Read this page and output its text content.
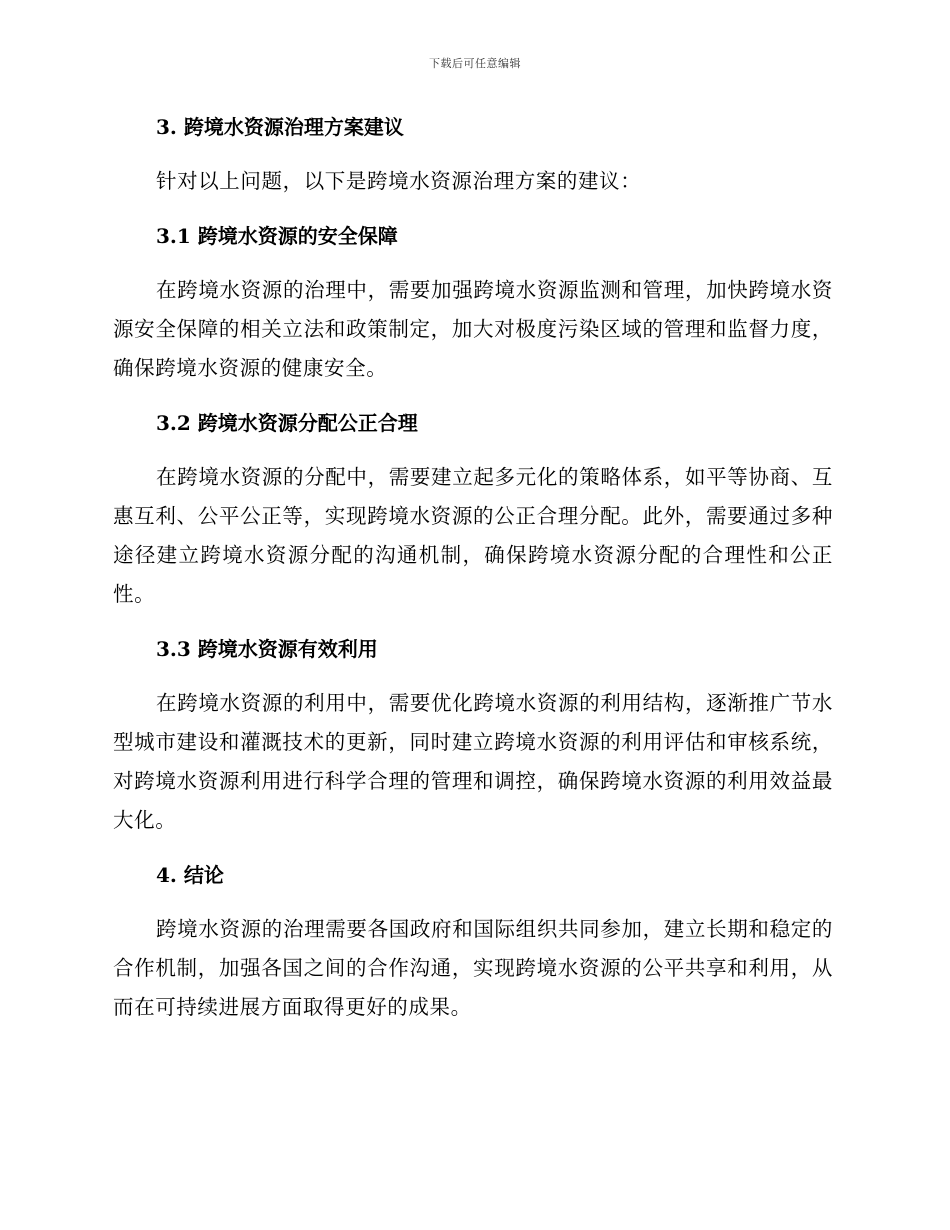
下载后可任意编辑
3. 跨境水资源治理方案建议

针对以上问题，以下是跨境水资源治理方案的建议：

3.1 跨境水资源的安全保障

在跨境水资源的治理中，需要加强跨境水资源监测和管理，加快跨境水资源安全保障的相关立法和政策制定，加大对极度污染区域的管理和监督力度，确保跨境水资源的健康安全。

3.2 跨境水资源分配公正合理

在跨境水资源的分配中，需要建立起多元化的策略体系，如平等协商、互惠互利、公平公正等，实现跨境水资源的公正合理分配。此外，需要通过多种途径建立跨境水资源分配的沟通机制，确保跨境水资源分配的合理性和公正性。

3.3 跨境水资源有效利用

在跨境水资源的利用中，需要优化跨境水资源的利用结构，逐渐推广节水型城市建设和灌溉技术的更新，同时建立跨境水资源的利用评估和审核系统，对跨境水资源利用进行科学合理的管理和调控，确保跨境水资源的利用效益最大化。

4. 结论

跨境水资源的治理需要各国政府和国际组织共同参加，建立长期和稳定的合作机制，加强各国之间的合作沟通，实现跨境水资源的公平共享和利用，从而在可持续进展方面取得更好的成果。
